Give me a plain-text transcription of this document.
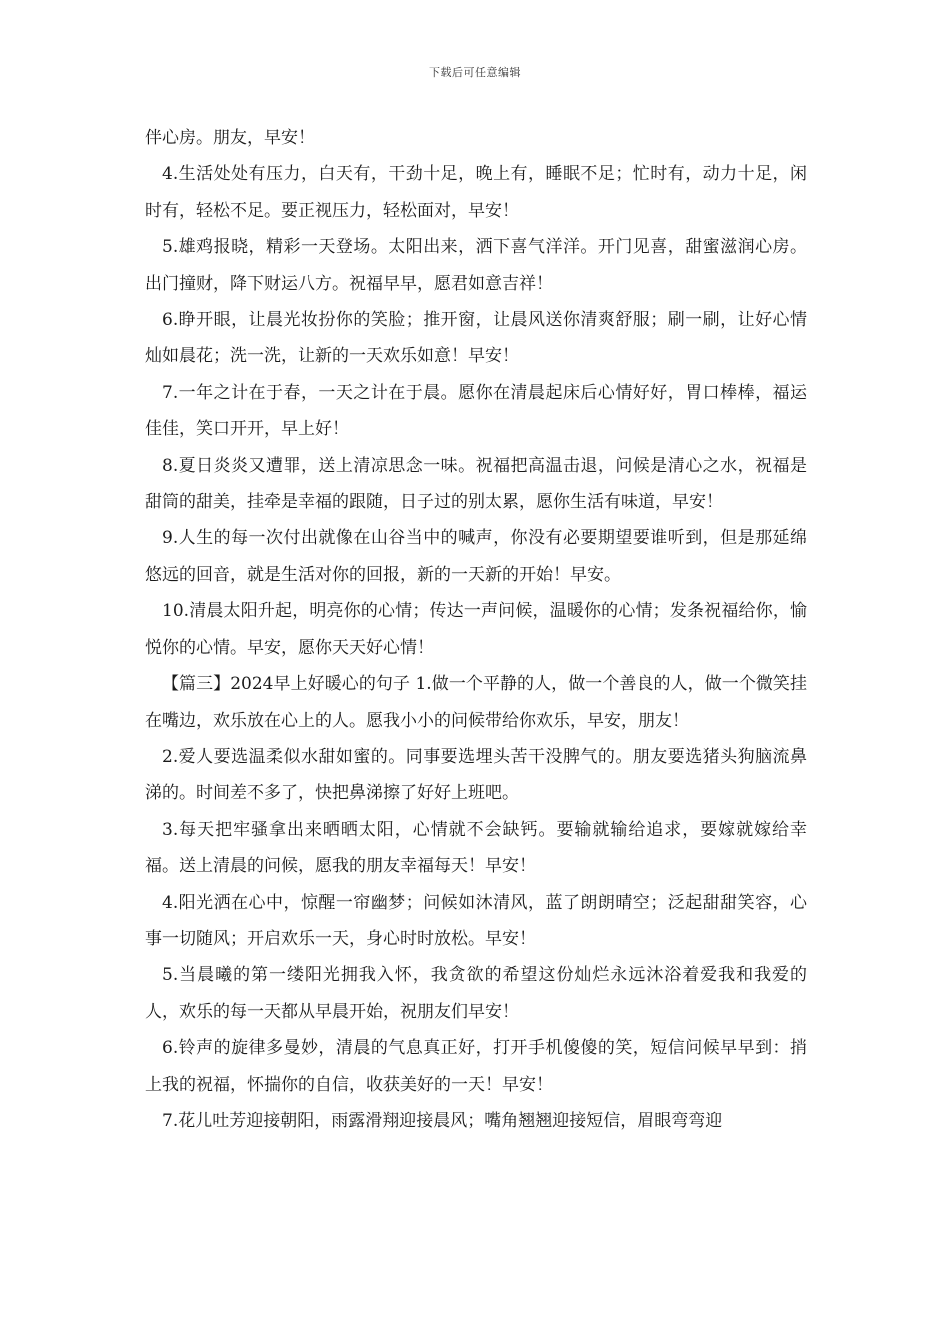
下载后可任意编辑

伴心房。朋友，早安！

4.生活处处有压力，白天有，干劲十足，晚上有，睡眠不足；忙时有，动力十足，闲时有，轻松不足。要正视压力，轻松面对，早安！

5.雄鸡报晓，精彩一天登场。太阳出来，洒下喜气洋洋。开门见喜，甜蜜滋润心房。出门撞财，降下财运八方。祝福早早，愿君如意吉祥！

6.睁开眼，让晨光妆扮你的笑脸；推开窗，让晨风送你清爽舒服；刷一刷，让好心情灿如晨花；洗一洗，让新的一天欢乐如意！早安！

7.一年之计在于春，一天之计在于晨。愿你在清晨起床后心情好好，胃口棒棒，福运佳佳，笑口开开，早上好！

8.夏日炎炎又遭罪，送上清凉思念一味。祝福把高温击退，问候是清心之水，祝福是甜筒的甜美，挂牵是幸福的跟随，日子过的别太累，愿你生活有味道，早安！

9.人生的每一次付出就像在山谷当中的喊声，你没有必要期望要谁听到，但是那延绵悠远的回音，就是生活对你的回报，新的一天新的开始！早安。

10.清晨太阳升起，明亮你的心情；传达一声问候，温暖你的心情；发条祝福给你，愉悦你的心情。早安，愿你天天好心情！

【篇三】2024早上好暖心的句子 1.做一个平静的人，做一个善良的人，做一个微笑挂在嘴边，欢乐放在心上的人。愿我小小的问候带给你欢乐，早安，朋友！

2.爱人要选温柔似水甜如蜜的。同事要选埋头苦干没脾气的。朋友要选猪头狗脑流鼻涕的。时间差不多了，快把鼻涕擦了好好上班吧。

3.每天把牢骚拿出来晒晒太阳，心情就不会缺钙。要输就输给追求，要嫁就嫁给幸福。送上清晨的问候，愿我的朋友幸福每天！早安！

4.阳光洒在心中，惊醒一帘幽梦；问候如沐清风，蓝了朗朗晴空；泛起甜甜笑容，心事一切随风；开启欢乐一天，身心时时放松。早安！

5.当晨曦的第一缕阳光拥我入怀，我贪欲的希望这份灿烂永远沐浴着爱我和我爱的人，欢乐的每一天都从早晨开始，祝朋友们早安！

6.铃声的旋律多曼妙，清晨的气息真正好，打开手机傻傻的笑，短信问候早早到：捎上我的祝福，怀揣你的自信，收获美好的一天！早安！

7.花儿吐芳迎接朝阳，雨露滑翔迎接晨风；嘴角翘翘迎接短信，眉眼弯弯迎
